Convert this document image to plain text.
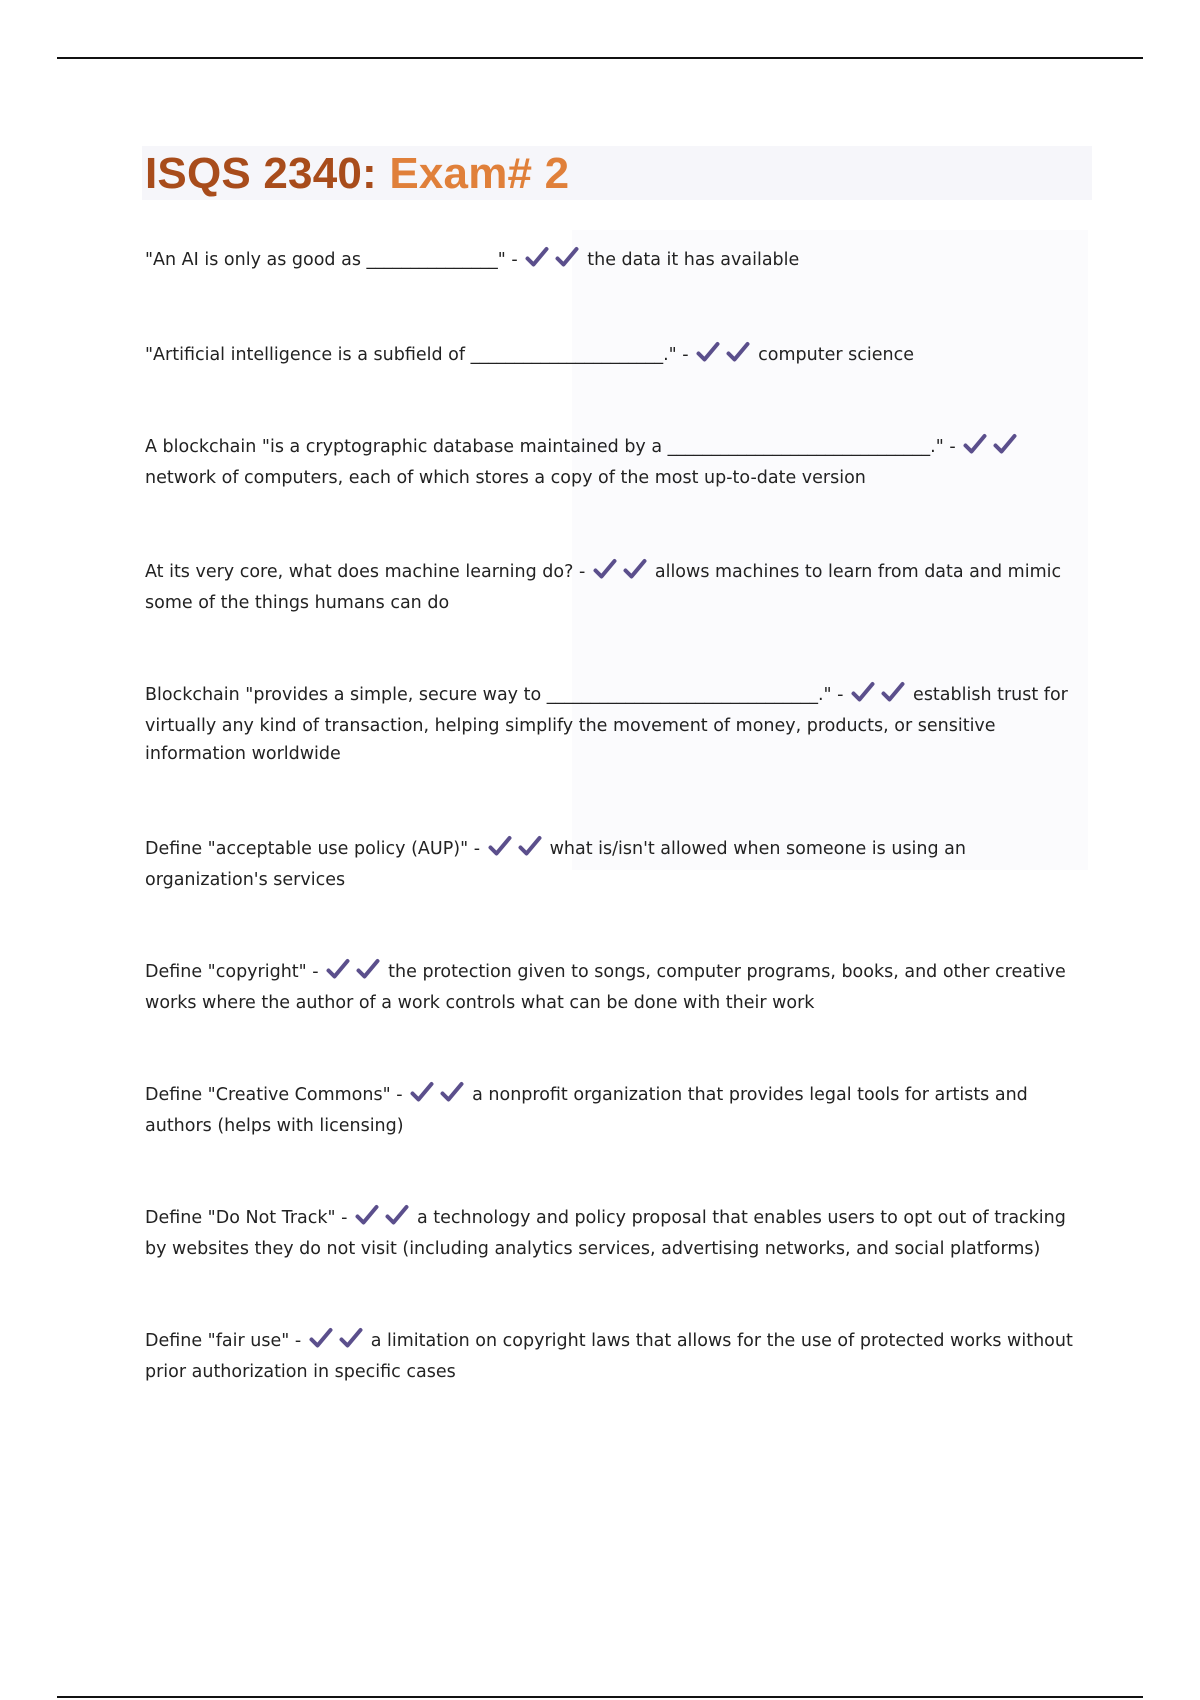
ISQS 2340: Exam# 2
"An AI is only as good as _______________" -	the data it has available
"Artificial intelligence is a subfield of ______________________." -	computer science
A blockchain "is a cryptographic database maintained by a ______________________________." -
network of computers, each of which stores a copy of the most up-to-date version
At its very core, what does machine learning do? -	allows machines to learn from data and mimic some of the things humans can do
Blockchain "provides a simple, secure way to _______________________________." -	establish trust for virtually any kind of transaction, helping simplify the movement of money, products, or sensitive information worldwide
Define "acceptable use policy (AUP)" -	what is/isn't allowed when someone is using an organization's services
Define "copyright" -	the protection given to songs, computer programs, books, and other creative works where the author of a work controls what can be done with their work
Define "Creative Commons" -	a nonprofit organization that provides legal tools for artists and authors (helps with licensing)
Define "Do Not Track" -	a technology and policy proposal that enables users to opt out of tracking by websites they do not visit (including analytics services, advertising networks, and social platforms)
Define "fair use" -	a limitation on copyright laws that allows for the use of protected works without prior authorization in specific cases
